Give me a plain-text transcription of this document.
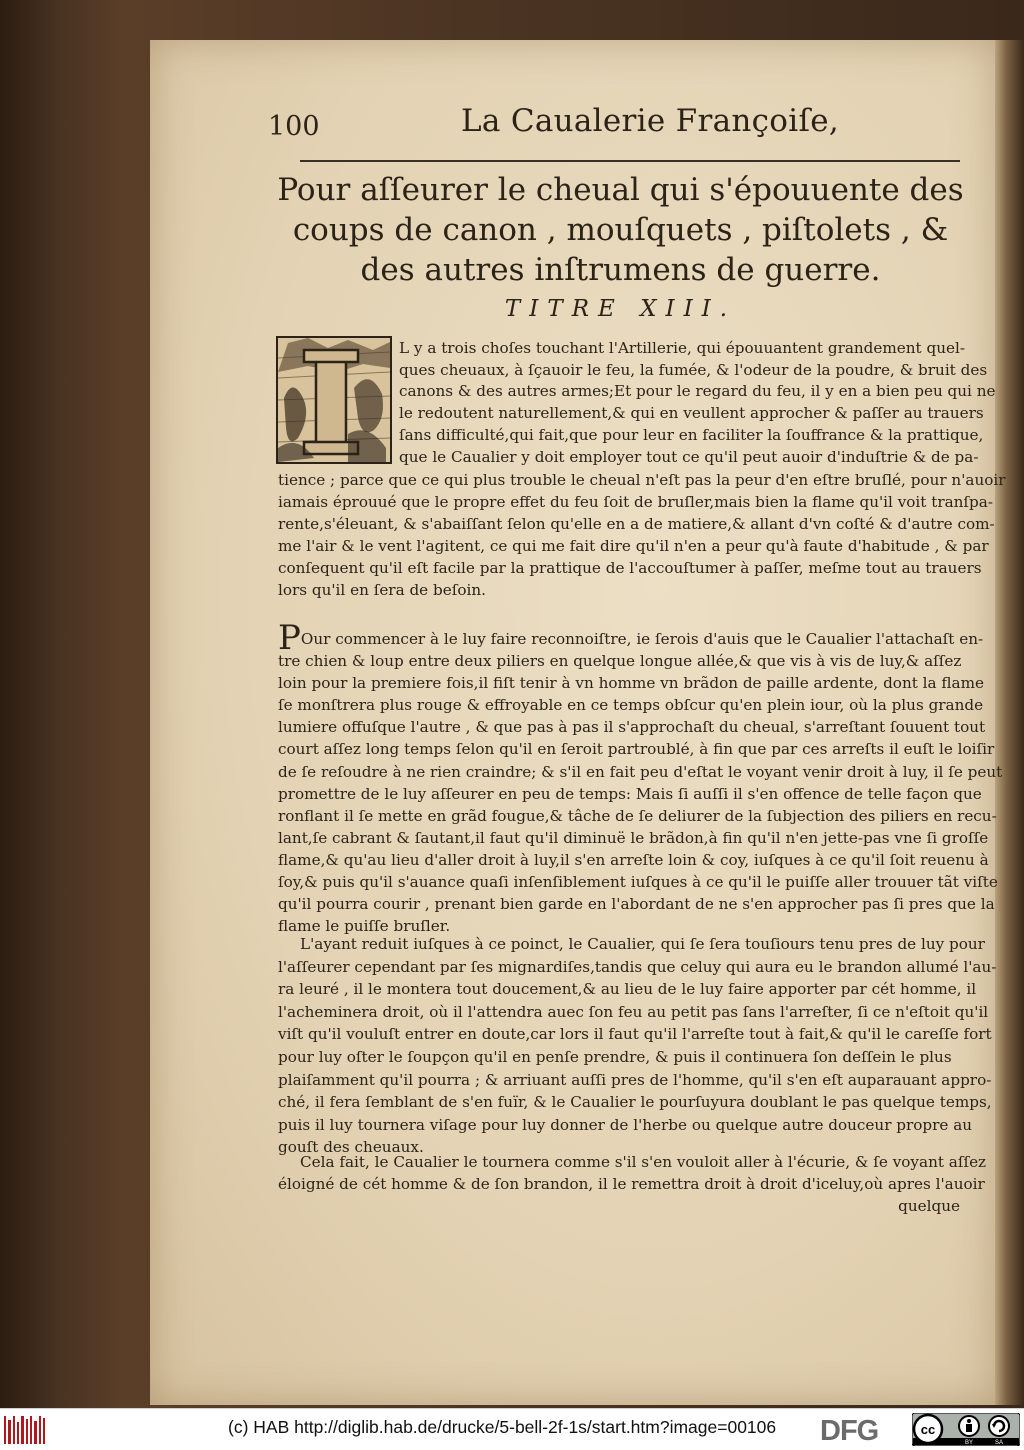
100	La Caualerie Françoiſe,
Pour aſſeurer le cheual qui s'épouuente des coups de canon , mouſquets , piſtolets , & des autres inſtrumens de guerre.
TITRE XIII.
L y a trois choſes touchant l'Artillerie, qui épouuantent grandement quel-
ques cheuaux, à ſçauoir le feu, la fumée, & l'odeur de la poudre, & bruit des
canons & des autres armes;Et pour le regard du feu, il y en a bien peu qui ne
le redoutent naturellement,& qui en veullent approcher & paſſer au trauers
ſans difficulté,qui fait,que pour leur en faciliter la ſouffrance & la prattique,
que le Caualier y doit employer tout ce qu'il peut auoir d'induſtrie & de pa-
tience ; parce que ce qui plus trouble le cheual n'eſt pas la peur d'en eſtre bruſlé, pour n'auoir
iamais éprouué que le propre effet du feu ſoit de bruſler,mais bien la flame qu'il voit tranſpa-
rente,s'éleuant, & s'abaiſſant ſelon qu'elle en a de matiere,& allant d'vn coſté & d'autre com-
me l'air & le vent l'agitent, ce qui me fait dire qu'il n'en a peur qu'à faute d'habitude , & par
conſequent qu'il eſt facile par la prattique de l'accouſtumer à paſſer, meſme tout au trauers
lors qu'il en ſera de beſoin.
POur commencer à le luy faire reconnoiſtre, ie ſerois d'auis que le Caualier l'attachaſt en-
tre chien & loup entre deux piliers en quelque longue allée,& que vis à vis de luy,& aſſez
loin pour la premiere fois,il fiſt tenir à vn homme vn brãdon de paille ardente, dont la flame
ſe monſtrera plus rouge & effroyable en ce temps obſcur qu'en plein iour, où la plus grande
lumiere offuſque l'autre , & que pas à pas il s'approchaſt du cheual, s'arreſtant ſouuent tout
court aſſez long temps ſelon qu'il en ſeroit partroublé, à fin que par ces arreſts il euſt le loiſir
de ſe reſoudre à ne rien craindre; & s'il en fait peu d'eſtat le voyant venir droit à luy, il ſe peut
promettre de le luy aſſeurer en peu de temps: Mais ſi auſſi il s'en offence de telle façon que
ronflant il ſe mette en grãd fougue,& tâche de ſe deliurer de la ſubjection des piliers en recu-
lant,ſe cabrant & ſautant,il faut qu'il diminuë le brãdon,à fin qu'il n'en jette-pas vne ſi groſſe
flame,& qu'au lieu d'aller droit à luy,il s'en arreſte loin & coy, iuſques à ce qu'il ſoit reuenu à
ſoy,& puis qu'il s'auance quaſi inſenſiblement iuſques à ce qu'il le puiſſe aller trouuer tãt viſte
qu'il pourra courir , prenant bien garde en l'abordant de ne s'en approcher pas ſi pres que la
flame le puiſſe bruſler.
L'ayant reduit iuſques à ce poinct, le Caualier, qui ſe ſera touſiours tenu pres de luy pour
l'aſſeurer cependant par ſes mignardiſes,tandis que celuy qui aura eu le brandon allumé l'au-
ra leuré , il le montera tout doucement,& au lieu de le luy faire apporter par cét homme, il
l'acheminera droit, où il l'attendra auec ſon feu au petit pas ſans l'arreſter, ſi ce n'eſtoit qu'il
viſt qu'il vouluſt entrer en doute,car lors il faut qu'il l'arreſte tout à fait,& qu'il le careſſe fort
pour luy oſter le ſoupçon qu'il en penſe prendre, & puis il continuera ſon deſſein le plus
plaiſamment qu'il pourra ; & arriuant auſſi pres de l'homme, qu'il s'en eſt auparauant appro-
ché, il fera ſemblant de s'en fuïr, & le Caualier le pourſuyura doublant le pas quelque temps,
puis il luy tournera viſage pour luy donner de l'herbe ou quelque autre douceur propre au
gouſt des cheuaux.
Cela fait, le Caualier le tournera comme s'il s'en vouloit aller à l'écurie, & ſe voyant aſſez
éloigné de cét homme & de ſon brandon, il le remettra droit à droit d'iceluy,où apres l'auoir
quelque
(c) HAB http://diglib.hab.de/drucke/5-bell-2f-1s/start.htm?image=00106 DFG	cc
BY	SA
